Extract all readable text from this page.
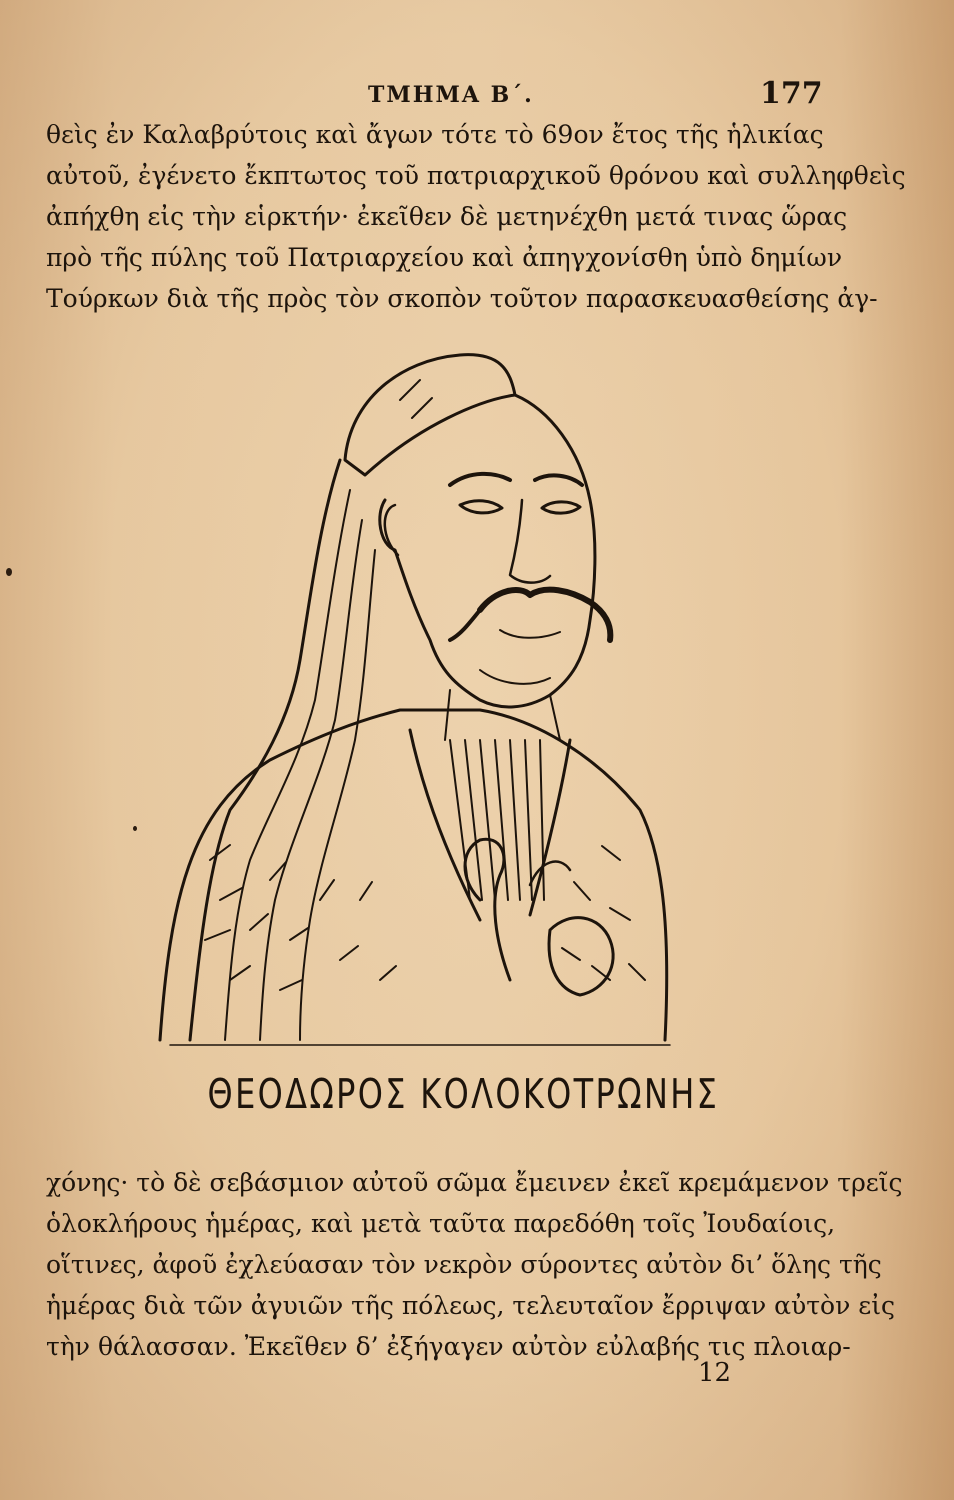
ΤΜΗΜΑ Β΄.	177
θεὶς ἐν Καλαβρύτοις καὶ ἄγων τότε τὸ 69ον ἔτος τῆς ἡλικίας
αὐτοῦ, ἐγένετο ἔκπτωτος τοῦ πατριαρχικοῦ θρόνου καὶ συλληφθεὶς
ἀπήχθη εἰς τὴν εἱρκτήν· ἐκεῖθεν δὲ μετηνέχθη μετά τινας ὥρας
πρὸ τῆς πύλης τοῦ Πατριαρχείου καὶ ἀπηγχονίσθη ὑπὸ δημίων
Τούρκων διὰ τῆς πρὸς τὸν σκοπὸν τοῦτον παρασκευασθείσης ἀγ-
ΘΕΟΔΩΡΟΣ ΚΟΛΟΚΟΤΡΩΝΗΣ
χόνης· τὸ δὲ σεβάσμιον αὐτοῦ σῶμα ἔμεινεν ἐκεῖ κρεμάμενον τρεῖς
ὁλοκλήρους ἡμέρας, καὶ μετὰ ταῦτα παρεδόθη τοῖς Ἰουδαίοις,
οἵτινες, ἀφοῦ ἐχλεύασαν τὸν νεκρὸν σύροντες αὐτὸν δι’ ὅλης τῆς
ἡμέρας διὰ τῶν ἀγυιῶν τῆς πόλεως, τελευταῖον ἔρριψαν αὐτὸν εἰς
τὴν θάλασσαν. Ἐκεῖθεν δ’ ἐξήγαγεν αὐτὸν εὐλαβής τις πλοιαρ-
12
